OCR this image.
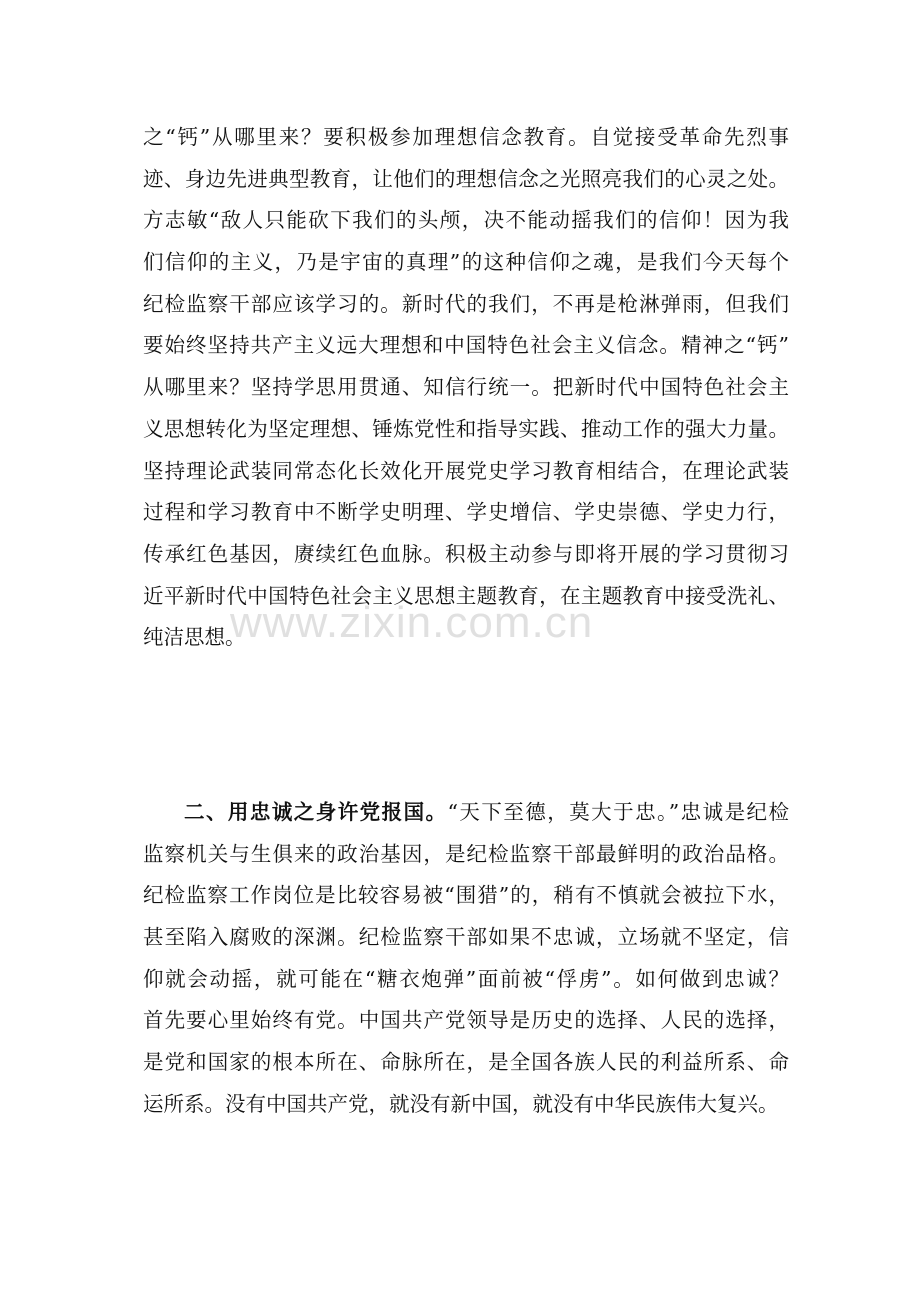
之“钙”从哪里来？要积极参加理想信念教育。自觉接受革命先烈事
迹、身边先进典型教育，让他们的理想信念之光照亮我们的心灵之处。
方志敏“敌人只能砍下我们的头颅，决不能动摇我们的信仰！因为我
们信仰的主义，乃是宇宙的真理”的这种信仰之魂，是我们今天每个
纪检监察干部应该学习的。新时代的我们，不再是枪淋弹雨，但我们
要始终坚持共产主义远大理想和中国特色社会主义信念。精神之“钙”
从哪里来？坚持学思用贯通、知信行统一。把新时代中国特色社会主
义思想转化为坚定理想、锤炼党性和指导实践、推动工作的强大力量。
坚持理论武装同常态化长效化开展党史学习教育相结合，在理论武装
过程和学习教育中不断学史明理、学史增信、学史崇德、学史力行，
传承红色基因，赓续红色血脉。积极主动参与即将开展的学习贯彻习
近平新时代中国特色社会主义思想主题教育，在主题教育中接受洗礼、
纯洁思想。
二、用忠诚之身许党报国。“天下至德，莫大于忠。”忠诚是纪检
监察机关与生俱来的政治基因，是纪检监察干部最鲜明的政治品格。
纪检监察工作岗位是比较容易被“围猎”的，稍有不慎就会被拉下水，
甚至陷入腐败的深渊。纪检监察干部如果不忠诚，立场就不坚定，信
仰就会动摇，就可能在“糖衣炮弹”面前被“俘虏”。如何做到忠诚？
首先要心里始终有党。中国共产党领导是历史的选择、人民的选择，
是党和国家的根本所在、命脉所在，是全国各族人民的利益所系、命
运所系。没有中国共产党，就没有新中国，就没有中华民族伟大复兴。
www.zixin.com.cn
